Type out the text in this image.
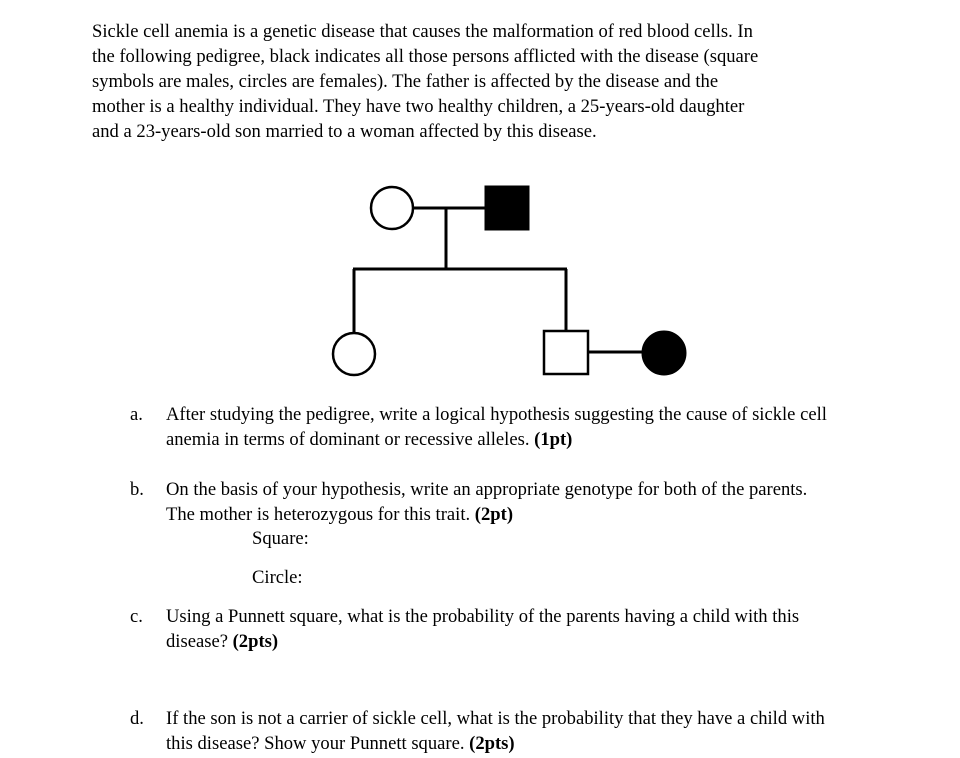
Sickle cell anemia is a genetic disease that causes the malformation of red blood cells. In
the following pedigree, black indicates all those persons afflicted with the disease (square
symbols are males, circles are females). The father is affected by the disease and the
mother is a healthy individual. They have two healthy children, a 25-years-old daughter
and a 23-years-old son married to a woman affected by this disease.
a. After studying the pedigree, write a logical hypothesis suggesting the cause of sickle cell
anemia in terms of dominant or recessive alleles. (1pt)
b. On the basis of your hypothesis, write an appropriate genotype for both of the parents.
The mother is heterozygous for this trait. (2pt)
Square:
Circle:
c. Using a Punnett square, what is the probability of the parents having a child with this
disease? (2pts)
d. If the son is not a carrier of sickle cell, what is the probability that they have a child with
this disease? Show your Punnett square. (2pts)
